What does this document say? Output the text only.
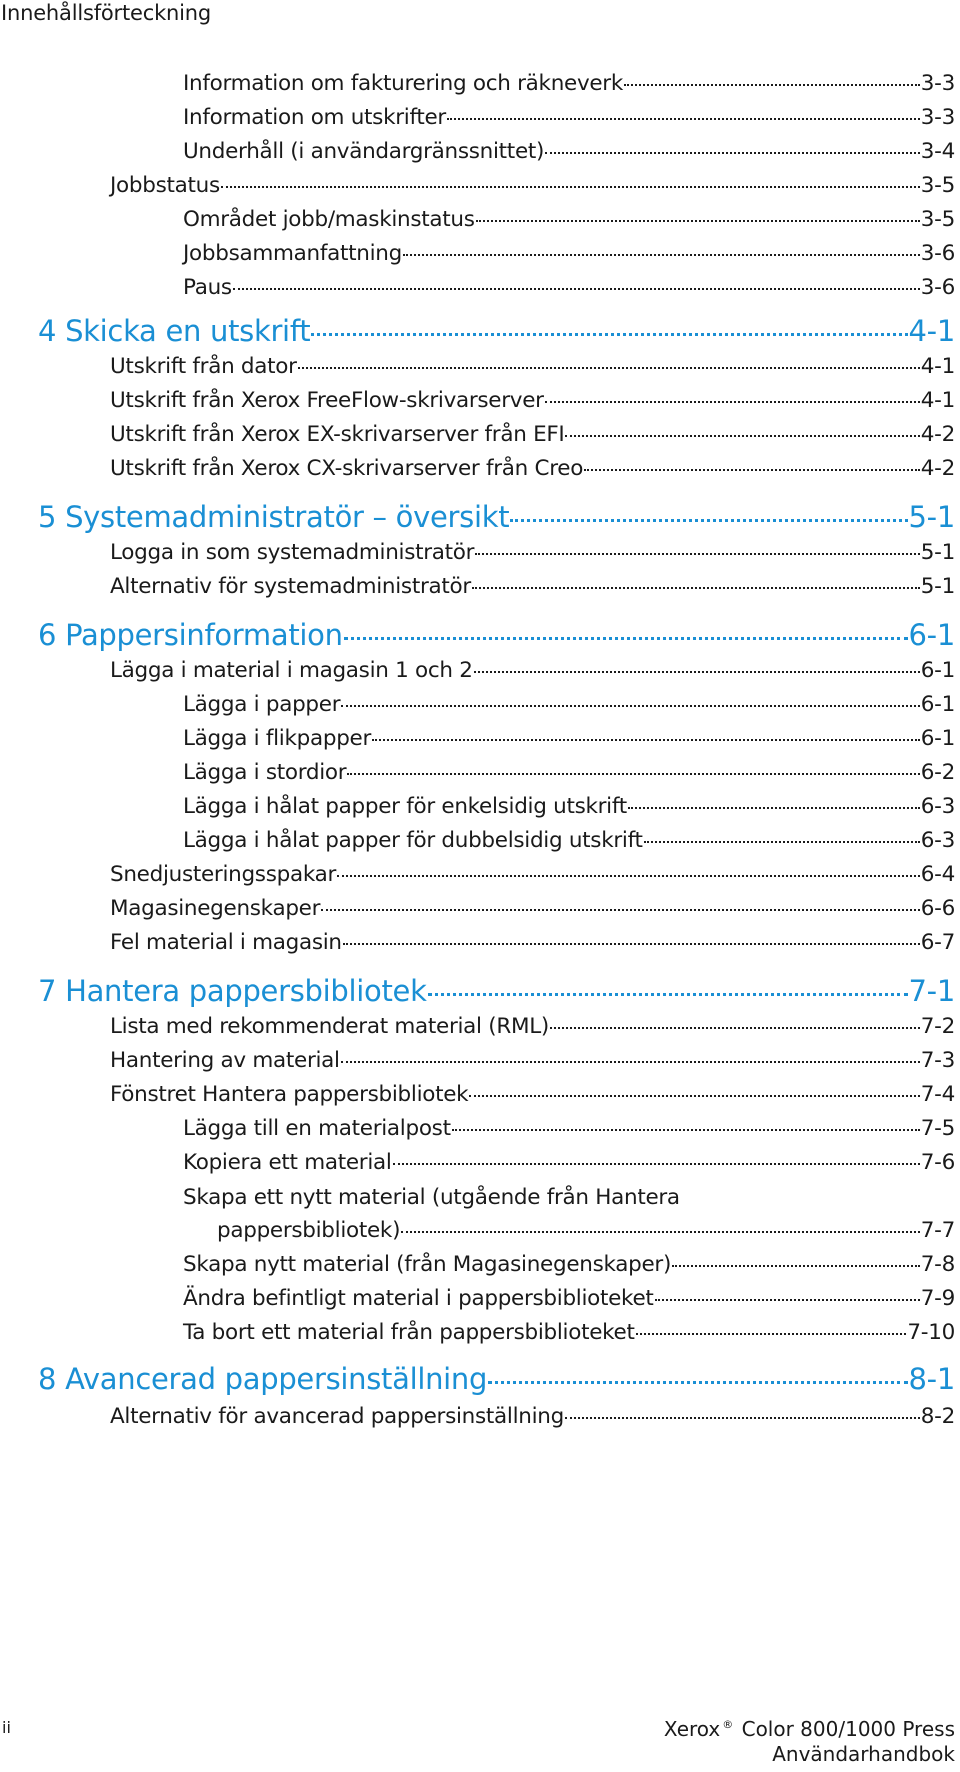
Innehållsförteckning
Information om fakturering och räkneverk	3-3
Information om utskrifter	3-3
Underhåll (i användargränssnittet)	3-4
Jobbstatus	3-5
Området jobb/maskinstatus	3-5
Jobbsammanfattning	3-6
Paus	3-6
4 Skicka en utskrift	4-1
Utskrift från dator	4-1
Utskrift från Xerox FreeFlow-skrivarserver	4-1
Utskrift från Xerox EX-skrivarserver från EFI	4-2
Utskrift från Xerox CX-skrivarserver från Creo	4-2
5 Systemadministratör – översikt	5-1
Logga in som systemadministratör	5-1
Alternativ för systemadministratör	5-1
6 Pappersinformation	6-1
Lägga i material i magasin 1 och 2	6-1
Lägga i papper	6-1
Lägga i flikpapper	6-1
Lägga i stordior	6-2
Lägga i hålat papper för enkelsidig utskrift	6-3
Lägga i hålat papper för dubbelsidig utskrift	6-3
Snedjusteringsspakar	6-4
Magasinegenskaper	6-6
Fel material i magasin	6-7
7 Hantera pappersbibliotek	7-1
Lista med rekommenderat material (RML)	7-2
Hantering av material	7-3
Fönstret Hantera pappersbibliotek	7-4
Lägga till en materialpost	7-5
Kopiera ett material	7-6
Skapa ett nytt material (utgående från Hantera
pappersbibliotek)	7-7
Skapa nytt material (från Magasinegenskaper)	7-8
Ändra befintligt material i pappersbiblioteket	7-9
Ta bort ett material från pappersbiblioteket	7-10
8 Avancerad pappersinställning	8-1
Alternativ för avancerad pappersinställning	8-2
ii	Xerox ® Color 800/1000 Press
Användarhandbok
